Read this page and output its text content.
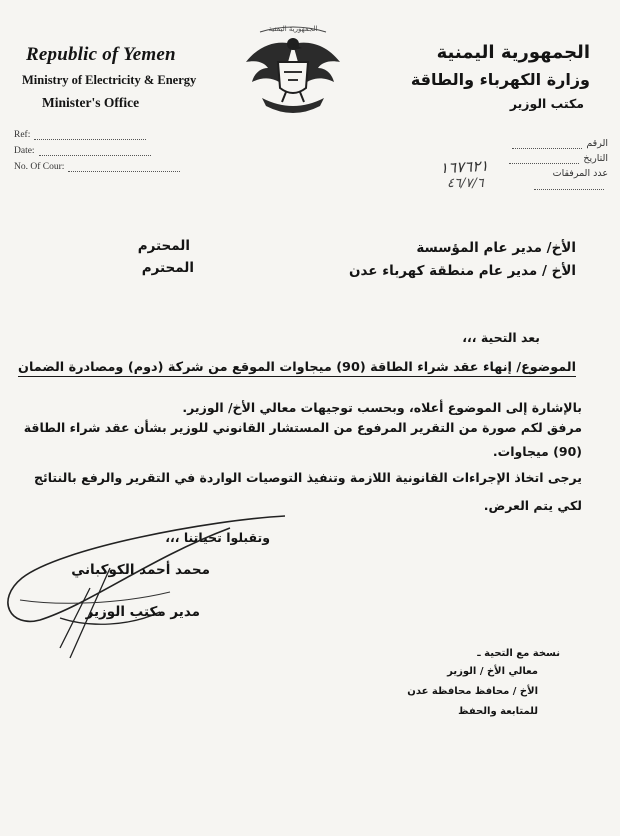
Republic of Yemen
Ministry of Electricity & Energy
Minister's Office
الجمهورية اليمنية
الجمهورية اليمنية
وزارة الكهرباء والطاقة
مكتب الوزير
Ref:
Date:
No. Of Cour:
الرقم
التاريخ
عدد المرفقات
١٦٧٦٢١
٤٦/٧/٦
الأخ/ مدير عام المؤسسة
المحترم
الأخ / مدير عام منطقة كهرباء عدن
المحترم
بعد التحية ،،،
الموضوع/ إنهاء عقد شراء الطاقة (90) ميجاوات الموقع من شركة (دوم) ومصادرة الضمان
بالإشارة إلى الموضوع أعلاه، وبحسب توجيهات معالي الأخ/ الوزير.
مرفق لكم صورة من التقرير المرفوع من المستشار القانوني للوزير بشأن عقد شراء الطاقة
(90) ميجاوات.
يرجى اتخاذ الإجراءات القانونية اللازمة وتنفيذ التوصيات الواردة في التقرير والرفع بالنتائج
لكي يتم العرض.
وتقبلوا تحياتنا ،،،
محمد أحمد الكوكباني
مدير مكتب الوزير
نسخة مع التحية ـ
معالي الأخ / الوزير
الأخ / محافظ محافظة عدن
للمتابعة والحفظ
